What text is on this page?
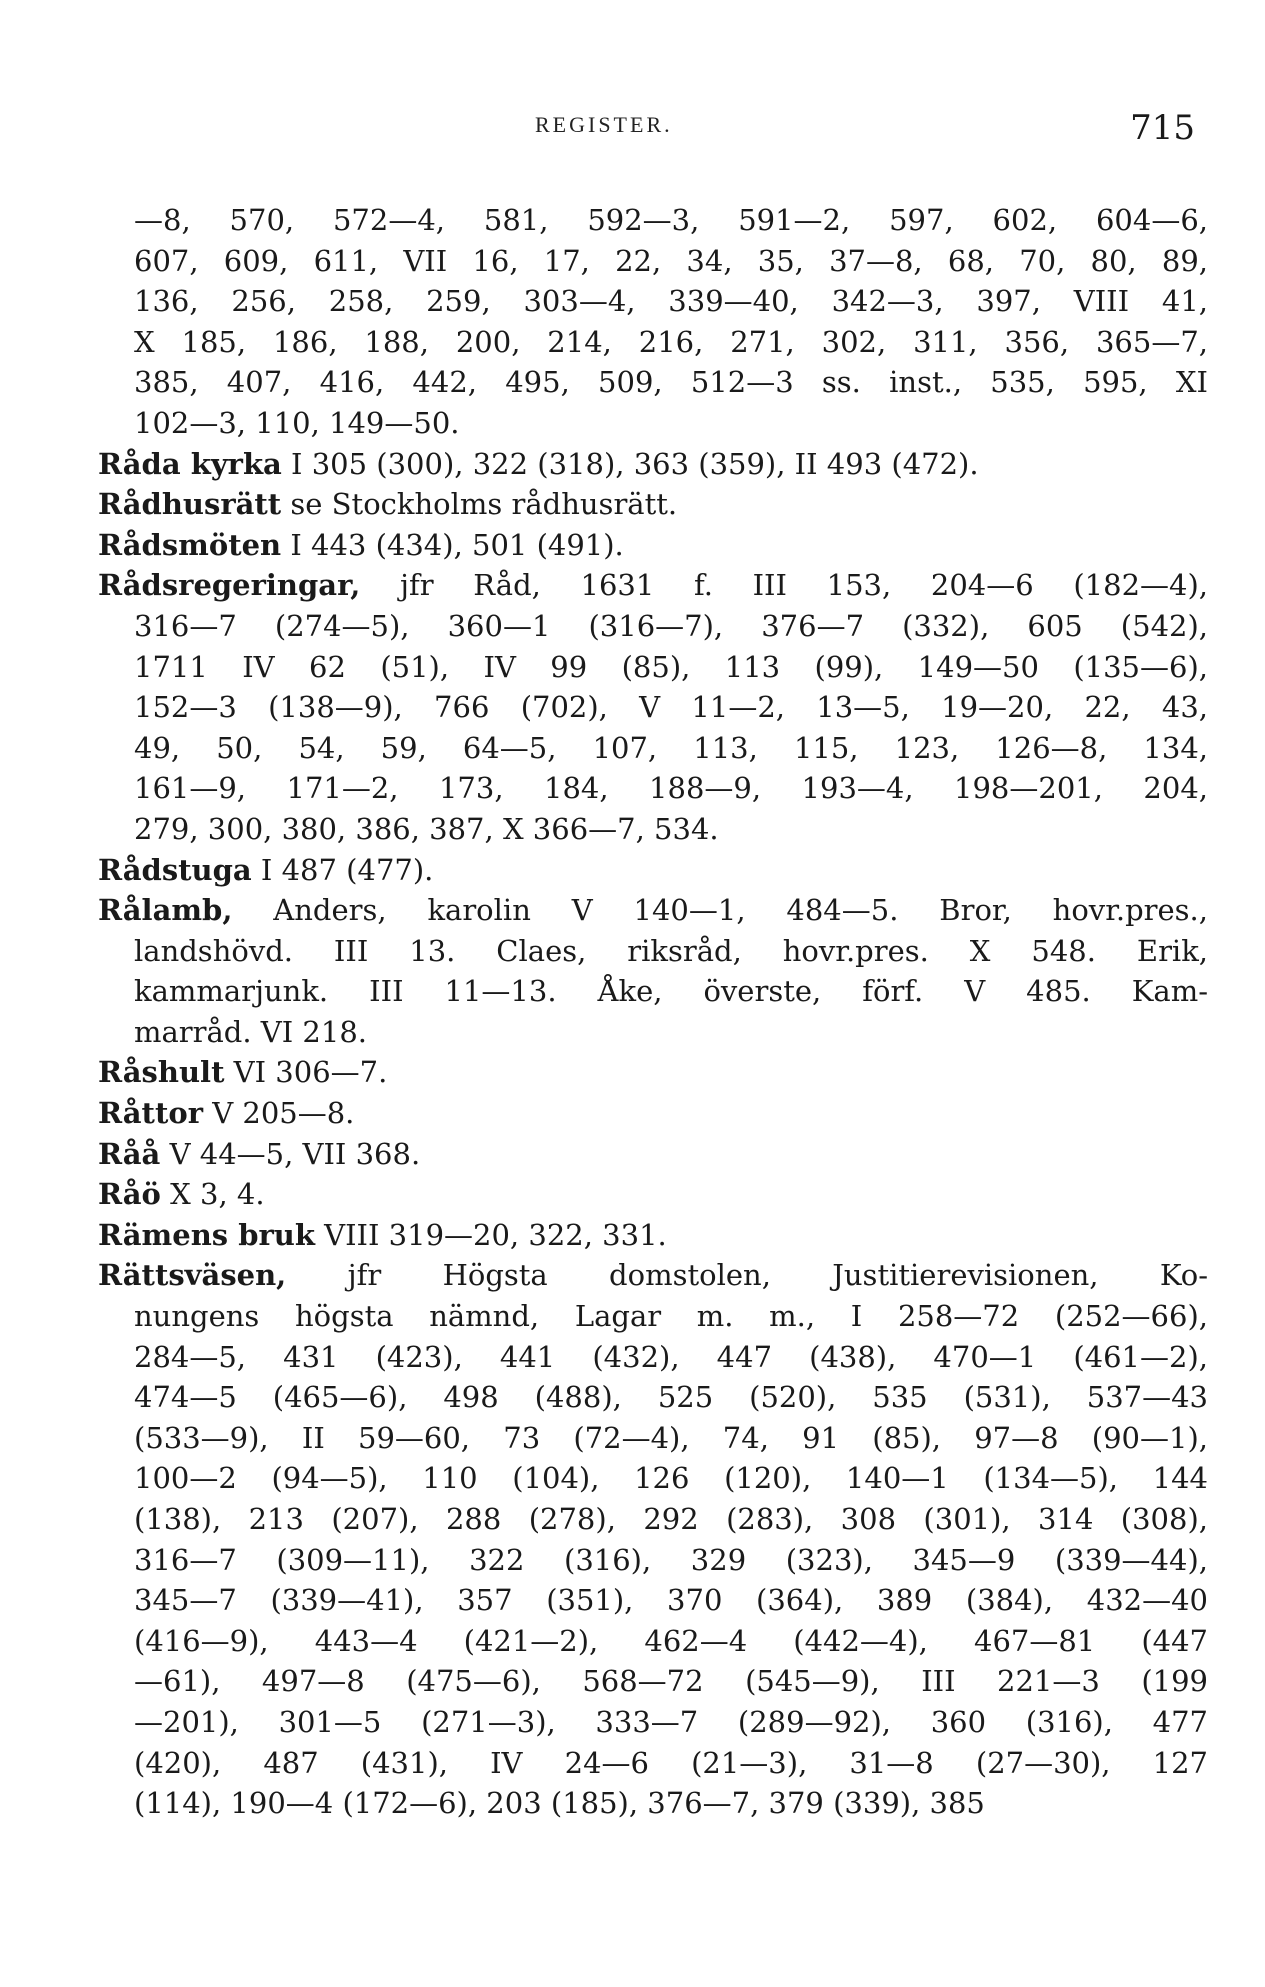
REGISTER.	715
—8, 570, 572—4, 581, 592—3, 591—2, 597, 602, 604—6,
607, 609, 611, VII 16, 17, 22, 34, 35, 37—8, 68, 70, 80, 89,
136, 256, 258, 259, 303—4, 339—40, 342—3, 397, VIII 41,
X 185, 186, 188, 200, 214, 216, 271, 302, 311, 356, 365—7,
385, 407, 416, 442, 495, 509, 512—3 ss. inst., 535, 595, XI
102—3, 110, 149—50.
Råda kyrka I 305 (300), 322 (318), 363 (359), II 493 (472).
Rådhusrätt se Stockholms rådhusrätt.
Rådsmöten I 443 (434), 501 (491).
Rådsregeringar, jfr Råd, 1631 f. III 153, 204—6 (182—4),
316—7 (274—5), 360—1 (316—7), 376—7 (332), 605 (542),
1711 IV 62 (51), IV 99 (85), 113 (99), 149—50 (135—6),
152—3 (138—9), 766 (702), V 11—2, 13—5, 19—20, 22, 43,
49, 50, 54, 59, 64—5, 107, 113, 115, 123, 126—8, 134,
161—9, 171—2, 173, 184, 188—9, 193—4, 198—201, 204,
279, 300, 380, 386, 387, X 366—7, 534.
Rådstuga I 487 (477).
Rålamb, Anders, karolin V 140—1, 484—5. Bror, hovr.pres.,
landshövd. III 13. Claes, riksråd, hovr.pres. X 548. Erik,
kammarjunk. III 11—13. Åke, överste, förf. V 485. Kam-
marråd. VI 218.
Råshult VI 306—7.
Råttor V 205—8.
Råå V 44—5, VII 368.
Råö X 3, 4.
Rämens bruk VIII 319—20, 322, 331.
Rättsväsen, jfr Högsta domstolen, Justitierevisionen, Ko-
nungens högsta nämnd, Lagar m. m., I 258—72 (252—66),
284—5, 431 (423), 441 (432), 447 (438), 470—1 (461—2),
474—5 (465—6), 498 (488), 525 (520), 535 (531), 537—43
(533—9), II 59—60, 73 (72—4), 74, 91 (85), 97—8 (90—1),
100—2 (94—5), 110 (104), 126 (120), 140—1 (134—5), 144
(138), 213 (207), 288 (278), 292 (283), 308 (301), 314 (308),
316—7 (309—11), 322 (316), 329 (323), 345—9 (339—44),
345—7 (339—41), 357 (351), 370 (364), 389 (384), 432—40
(416—9), 443—4 (421—2), 462—4 (442—4), 467—81 (447
—61), 497—8 (475—6), 568—72 (545—9), III 221—3 (199
—201), 301—5 (271—3), 333—7 (289—92), 360 (316), 477
(420), 487 (431), IV 24—6 (21—3), 31—8 (27—30), 127
(114), 190—4 (172—6), 203 (185), 376—7, 379 (339), 385
